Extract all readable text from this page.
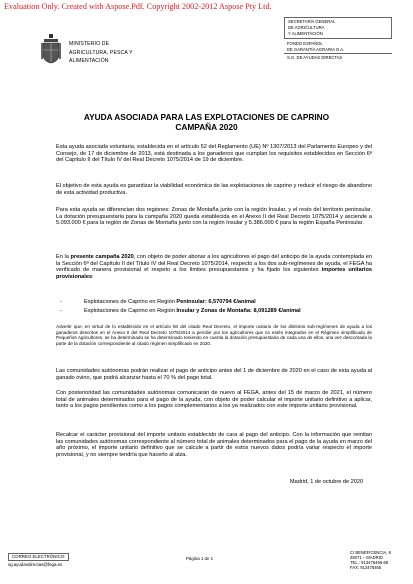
Evaluation Only. Created with Aspose.Pdf. Copyright 2002-2012 Aspose Pty Ltd.
MINISTERIO DE
AGRICULTURA, PESCA Y
ALIMENTACIÓN
SECRETARÍA GENERAL
DE AGRICULTURA
Y ALIMENTACIÓN
FONDO ESPAÑOL
DE GARANTÍA AGRARIA O.A.
S.G. DE AYUDAS DIRECTAS
AYUDA ASOCIADA PARA LAS EXPLOTACIONES DE CAPRINO
CAMPAÑA 2020
Esta ayuda asociada voluntaria, establecida en el artículo 52 del Reglamento (UE) Nº 1307/2013 del Parlamento Europeo y del Consejo, de 17 de diciembre de 2013, está destinada a los ganaderos que cumplan los requisitos establecidos en Sección 6ª del Capítulo II del Título IV del Real Decreto 1075/2014 de 19 de diciembre.
El objetivo de esta ayuda es garantizar la viabilidad económica de las explotaciones de caprino y reducir el riesgo de abandono de esta actividad productiva.
Para esta ayuda se diferencian dos regiones: Zonas de Montaña junto con la región Insular, y el resto del territorio peninsular. La dotación presupuestaria para la campaña 2020 queda establecida en el Anexo II del Real Decreto 1075/2014 y asciende a 5.093.000 € para la región de Zonas de Montaña junto con la región Insular y 5.386.000 € para la región España Peninsular.
En la presente campaña 2020, con objeto de poder abonar a los agricultores el pago del anticipo de la ayuda contemplada en la Sección 6ª del Capítulo II del Título IV del Real Decreto 1075/2014, respecto a los dos sub-regímenes de ayuda, el FEGA ha verificado de manera provisional el respeto a los límites presupuestarios y ha fijado los siguientes importes unitarios provisionales:
-	Explotaciones de Caprino en Región Peninsular: 6,570794 €/animal
-	Explotaciones de Caprino en Región Insular y Zonas de Montaña: 8,091289 €/animal
Advertir que, en virtud de lo establecido en el artículo 50 del citado Real Decreto, el importe unitario de los distintos sub-regímenes de ayuda a los ganaderos descritos en el Anexo II del Real Decreto 1075/2014 a percibir por los agricultores que no estén integrados en el Régimen simplificado de Pequeños Agricultores, se ha determinado se ha determinado teniendo en cuenta la dotación presupuestaria de cada una de ellos, una vez descontada la parte de la dotación correspondiente al citado régimen simplificado en 2020.
Las comunidades autónomas podrán realizar el pago de anticipo antes del 1 de diciembre de 2020 en el caso de esta ayuda al ganado ovino, que podrá alcanzar hasta el 70 % del pago total.
Con posterioridad las comunidades autónomas comunicarán de nuevo al FEGA, antes del 15 de marzo de 2021, el número total de animales determinados para el pago de la ayuda, con objeto de poder calcular el importe unitario definitivo a aplicar, tanto a los pagos pendientes como a los pagos complementarios a los ya realizados con este importe unitario provisional.
Recalcar el carácter provisional del importe unitario establecido de cara al pago del anticipo. Con la información que remitan las comunidades autónomas correspondiente al número total de animales determinados para el pago de la ayuda en marzo del año próximo, el importe unitario definitivo que se calcule a partir de estos nuevos datos podría variar respecto el importe provisional, y no siempre tendría que hacerlo al alza.
Madrid, 1 de octubre de 2020
CORREO ELECTRÓNICO:
sg.ayudasdirectas@fega.es
Página 1 de 1
C/ BENEFICENCIA, 8
28071 – MADRID
TEL.: 913476466-68
FAX: 913476465
